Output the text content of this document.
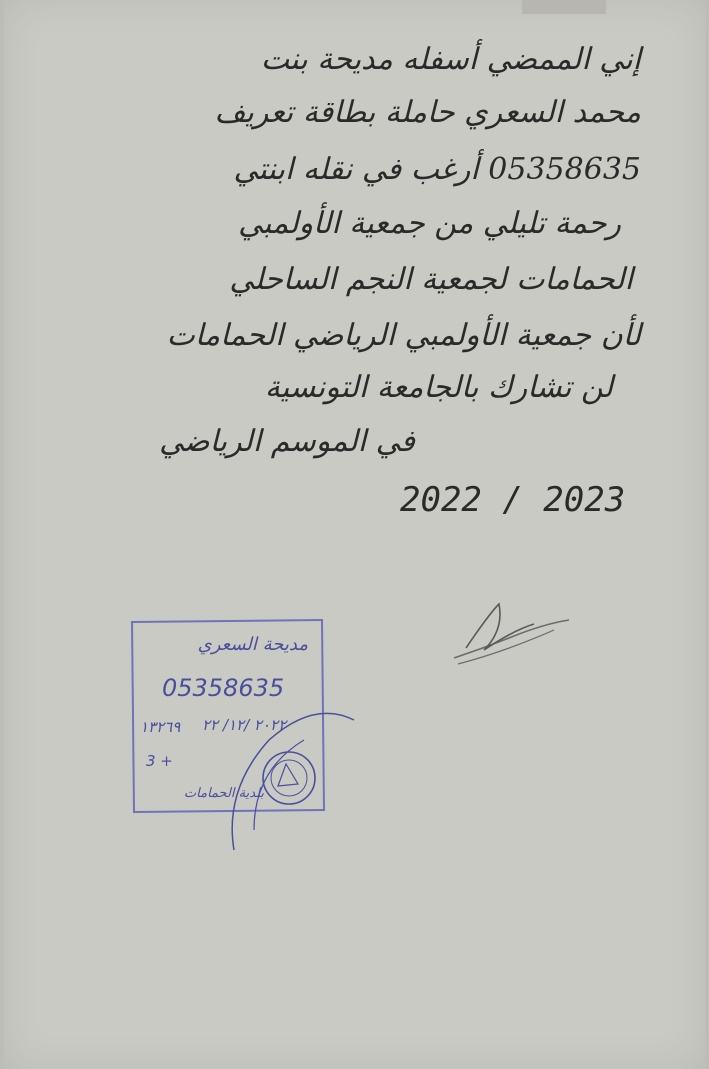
إني الممضي أسفله مديحة بنت
محمد السعري حاملة بطاقة تعريف
05358635 أرغب في نقله ابنتي
رحمة تليلي من جمعية الأولمبي
الحمامات لجمعية النجم الساحلي
لأن جمعية الأولمبي الرياضي الحمامات
لن تشارك بالجامعة التونسية
في الموسم الرياضي
2022 / 2023
مديحة السعري
05358635
١٣٢٦٩ ٢٠٢٢ /١٢/ ٢٢
3 +
بلدية الحمامات
